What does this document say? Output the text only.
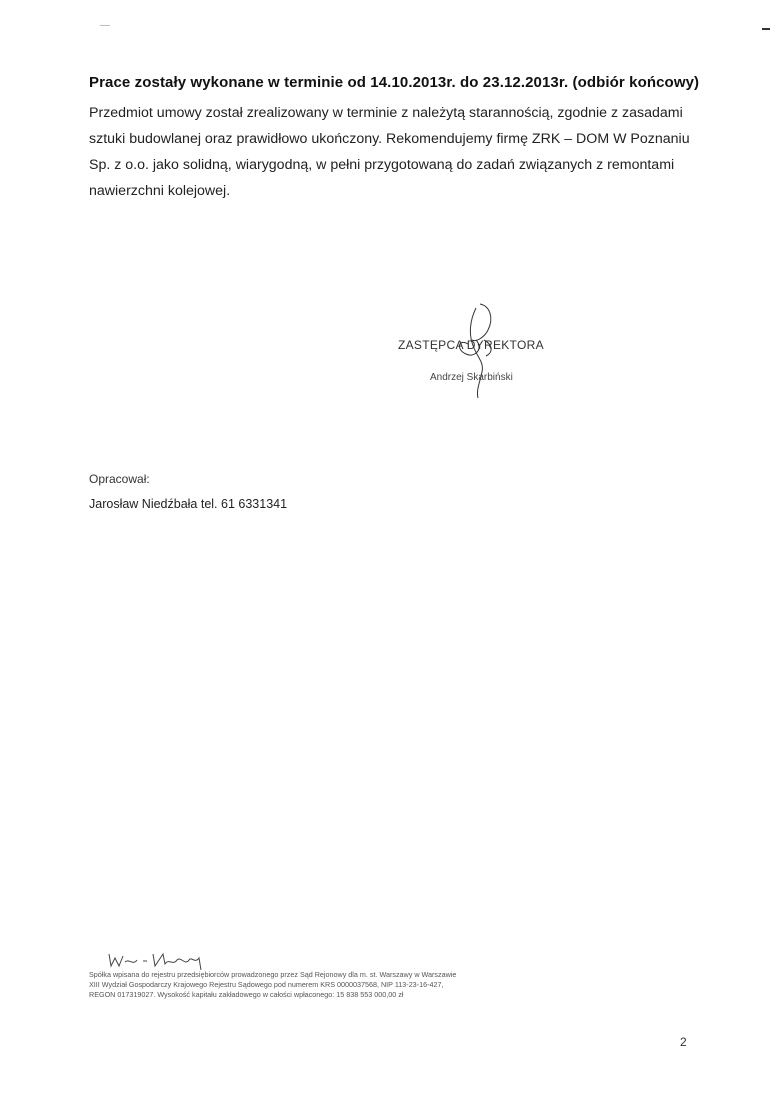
—
Prace zostały wykonane w terminie od 14.10.2013r. do 23.12.2013r. (odbiór końcowy)
Przedmiot umowy został zrealizowany w terminie z należytą starannością, zgodnie z zasadami
sztuki budowlanej oraz prawidłowo ukończony. Rekomendujemy firmę ZRK – DOM W Poznaniu
Sp. z o.o. jako solidną, wiarygodną, w pełni przygotowaną do zadań związanych z remontami
nawierzchni kolejowej.
ZASTĘPCA DYREKTORA
Andrzej Skarbiński
Opracował:
Jarosław Niedźbała tel. 61 6331341
Spółka wpisana do rejestru przedsiębiorców prowadzonego przez Sąd Rejonowy dla m. st. Warszawy w Warszawie
XIII Wydział Gospodarczy Krajowego Rejestru Sądowego pod numerem KRS 0000037568, NIP 113-23-16-427,
REGON 017319027. Wysokość kapitału zakładowego w całości wpłaconego: 15 838 553 000,00 zł
2
